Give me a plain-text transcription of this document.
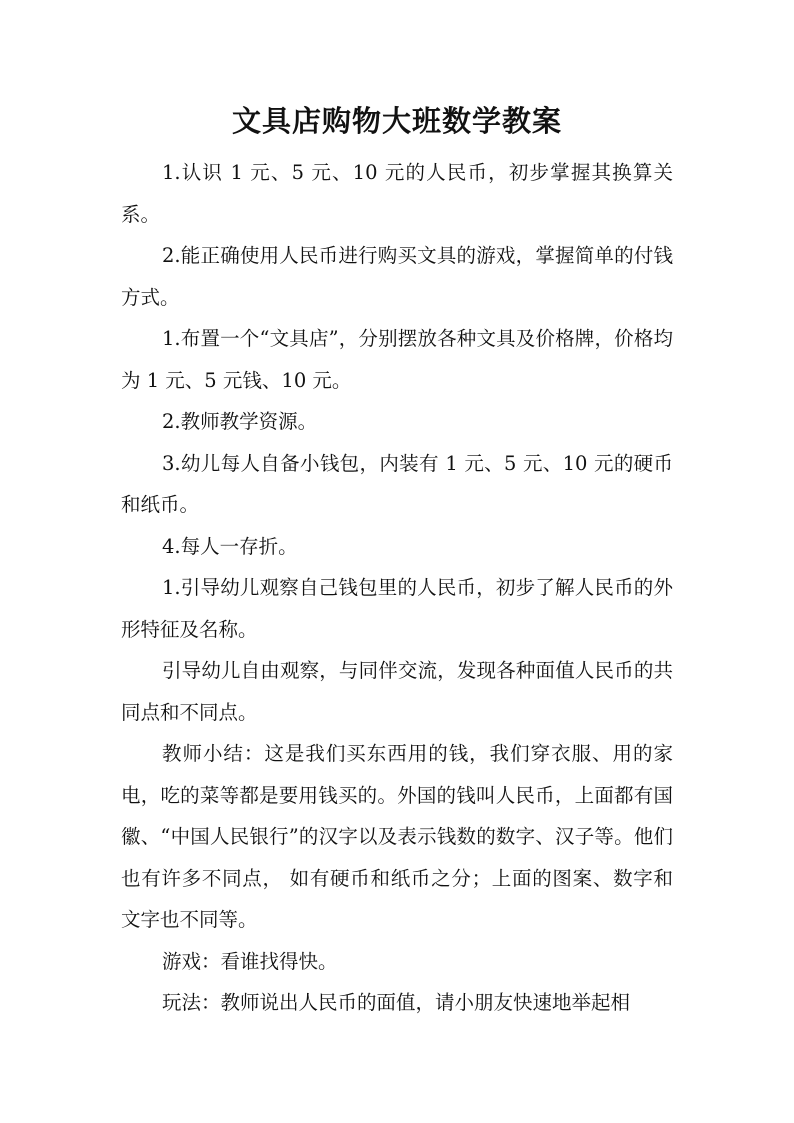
文具店购物大班数学教案

1.认识 1 元、5 元、10 元的人民币，初步掌握其换算关系。

2.能正确使用人民币进行购买文具的游戏，掌握简单的付钱方式。

1.布置一个“文具店”，分别摆放各种文具及价格牌，价格均为 1 元、5 元钱、10 元。

2.教师教学资源。

3.幼儿每人自备小钱包，内装有 1 元、5 元、10 元的硬币和纸币。

4.每人一存折。

1.引导幼儿观察自己钱包里的人民币，初步了解人民币的外形特征及名称。

引导幼儿自由观察，与同伴交流，发现各种面值人民币的共同点和不同点。

教师小结：这是我们买东西用的钱，我们穿衣服、用的家电，吃的菜等都是要用钱买的。外国的钱叫人民币，上面都有国徽、“中国人民银行”的汉字以及表示钱数的数字、汉子等。他们也有许多不同点， 如有硬币和纸币之分；上面的图案、数字和文字也不同等。

游戏：看谁找得快。

玩法：教师说出人民币的面值，请小朋友快速地举起相
